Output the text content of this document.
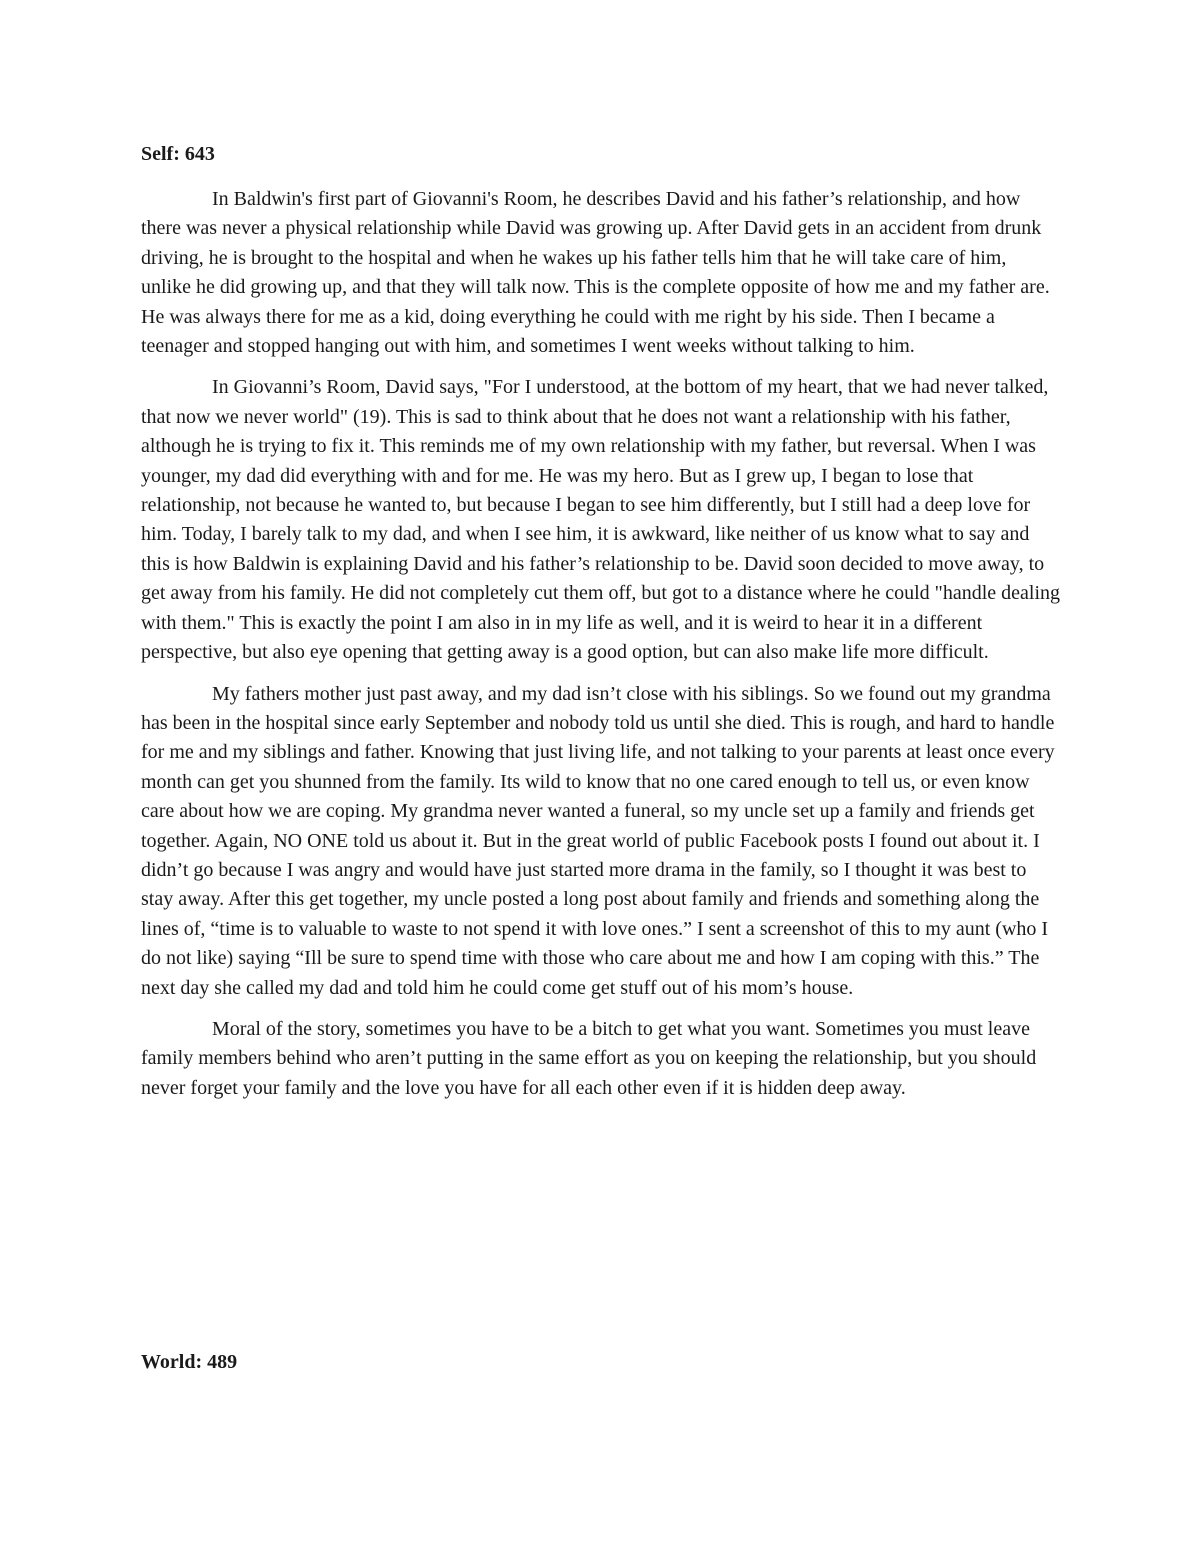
Self: 643

In Baldwin's first part of Giovanni's Room, he describes David and his father’s relationship, and how there was never a physical relationship while David was growing up. After David gets in an accident from drunk driving, he is brought to the hospital and when he wakes up his father tells him that he will take care of him, unlike he did growing up, and that they will talk now. This is the complete opposite of how me and my father are. He was always there for me as a kid, doing everything he could with me right by his side. Then I became a teenager and stopped hanging out with him, and sometimes I went weeks without talking to him.

In Giovanni’s Room, David says, "For I understood, at the bottom of my heart, that we had never talked, that now we never world" (19). This is sad to think about that he does not want a relationship with his father, although he is trying to fix it. This reminds me of my own relationship with my father, but reversal. When I was younger, my dad did everything with and for me. He was my hero. But as I grew up, I began to lose that relationship, not because he wanted to, but because I began to see him differently, but I still had a deep love for him. Today, I barely talk to my dad, and when I see him, it is awkward, like neither of us know what to say and this is how Baldwin is explaining David and his father’s relationship to be. David soon decided to move away, to get away from his family. He did not completely cut them off, but got to a distance where he could "handle dealing with them." This is exactly the point I am also in in my life as well, and it is weird to hear it in a different perspective, but also eye opening that getting away is a good option, but can also make life more difficult.

My fathers mother just past away, and my dad isn’t close with his siblings. So we found out my grandma has been in the hospital since early September and nobody told us until she died. This is rough, and hard to handle for me and my siblings and father. Knowing that just living life, and not talking to your parents at least once every month can get you shunned from the family. Its wild to know that no one cared enough to tell us, or even know care about how we are coping. My grandma never wanted a funeral, so my uncle set up a family and friends get together. Again, NO ONE told us about it. But in the great world of public Facebook posts I found out about it. I didn’t go because I was angry and would have just started more drama in the family, so I thought it was best to stay away. After this get together, my uncle posted a long post about family and friends and something along the lines of, “time is to valuable to waste to not spend it with love ones.” I sent a screenshot of this to my aunt (who I do not like) saying “Ill be sure to spend time with those who care about me and how I am coping with this.” The next day she called my dad and told him he could come get stuff out of his mom’s house.

Moral of the story, sometimes you have to be a bitch to get what you want. Sometimes you must leave family members behind who aren’t putting in the same effort as you on keeping the relationship, but you should never forget your family and the love you have for all each other even if it is hidden deep away.

World: 489
